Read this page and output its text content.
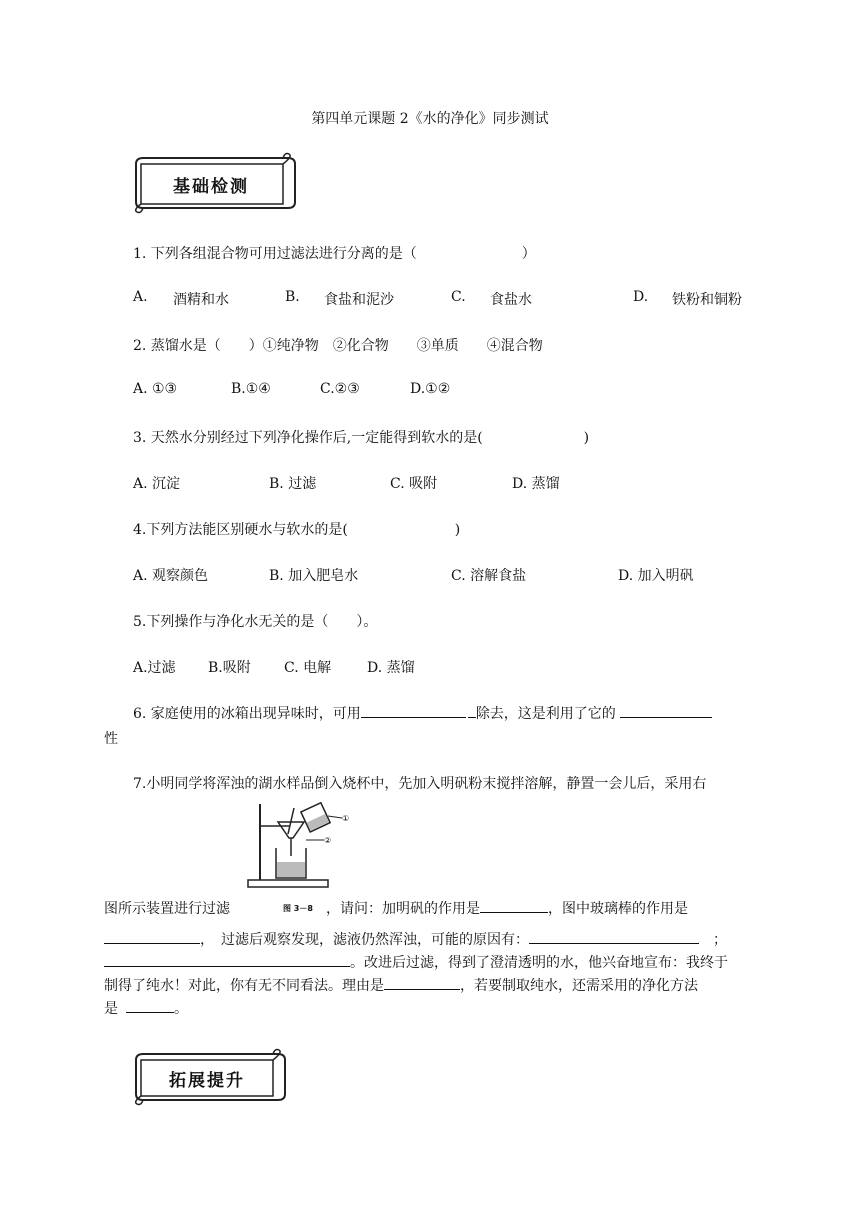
第四单元课题 2《水的净化》同步测试
基础检测
1. 下列各组混合物可用过滤法进行分离的是（	）
A. 酒精和水	B. 食盐和泥沙	C. 食盐水	D. 铁粉和铜粉
2. 蒸馏水是（　　）①纯净物　②化合物　　③单质　　④混合物
A. ①③	B.①④	C.②③	D.①②
3. 天然水分别经过下列净化操作后,一定能得到软水的是(	)
A. 沉淀	B. 过滤	C. 吸附	D. 蒸馏
4.下列方法能区别硬水与软水的是(	)
A. 观察颜色	B. 加入肥皂水	C. 溶解食盐	D. 加入明矾
5.下列操作与净化水无关的是（　　）。
A.过滤 B.吸附 C. 电解	D. 蒸馏
6. 家庭使用的冰箱出现异味时，可用	除去，这是利用了它的
性
7.小明同学将浑浊的湖水样品倒入烧杯中，先加入明矾粉末搅拌溶解，静置一会儿后，采用右
①
②
图 3－8
图所示装置进行过滤	，请问：加明矾的作用是	，图中玻璃棒的作用是
，　过滤后观察发现，滤液仍然浑浊，可能的原因有：	；
。改进后过滤，得到了澄清透明的水，他兴奋地宣布：我终于
制得了纯水！对此，你有无不同看法。理由是	，若要制取纯水，还需采用的净化方法
是	。
拓展提升
